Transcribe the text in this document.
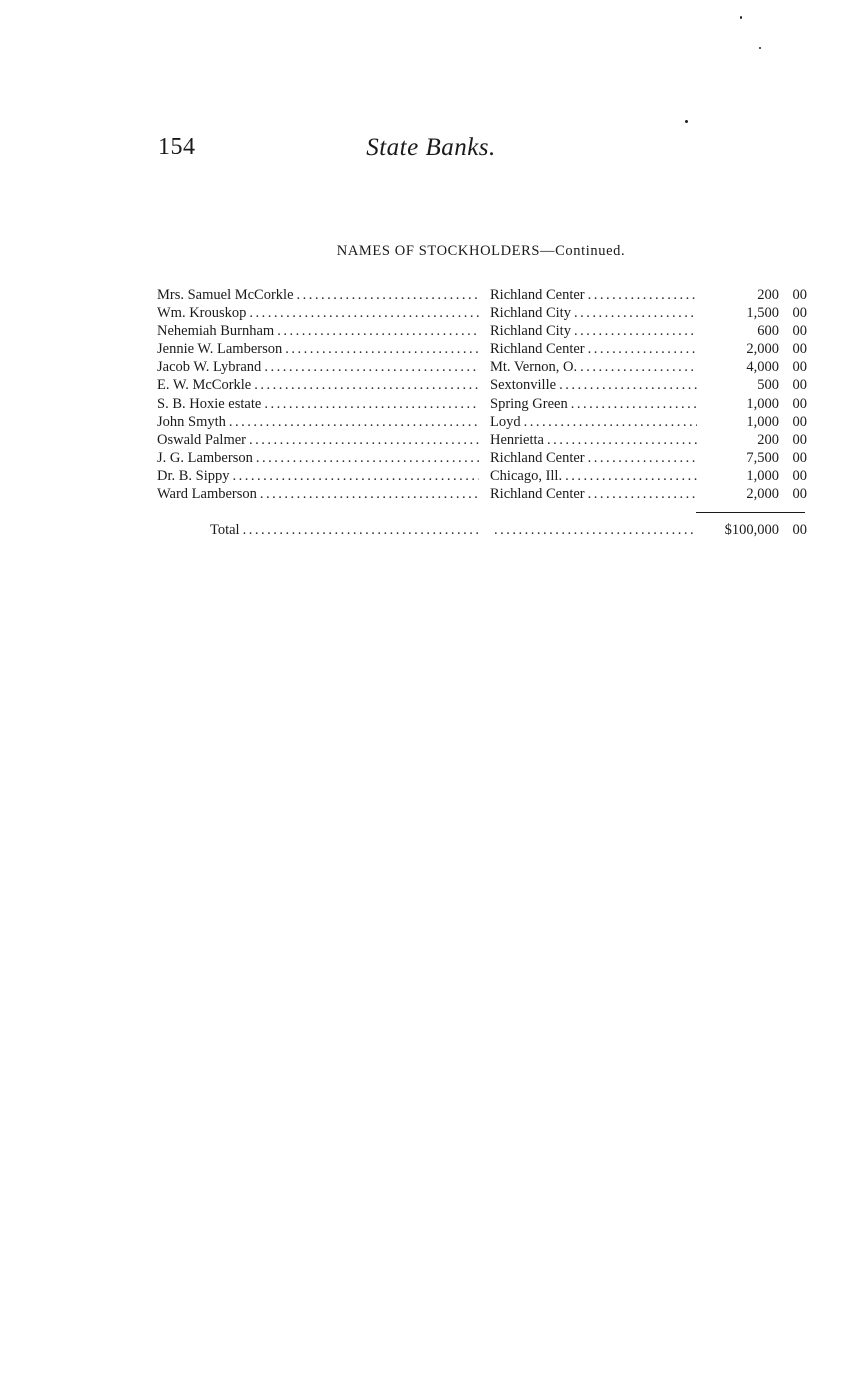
154	State Banks.
NAMES OF STOCKHOLDERS—Continued.
Mrs. Samuel McCorkle .....	Richland Center .....	200 00
Wm. Krouskop .....	Richland City .....	1,500 00
Nehemiah Burnham .....	Richland City .....	600 00
Jennie W. Lamberson .....	Richland Center .....	2,000 00
Jacob W. Lybrand .....	Mt. Vernon, O. .....	4,000 00
E. W. McCorkle .....	Sextonville .....	500 00
S. B. Hoxie estate .....	Spring Green .....	1,000 00
John Smyth .....	Loyd .....	1,000 00
Oswald Palmer .....	Henrietta .....	200 00
J. G. Lamberson .....	Richland Center .....	7,500 00
Dr. B. Sippy .....	Chicago, Ill. .....	1,000 00
Ward Lamberson .....	Richland Center .....	2,000 00
Total ..... .....	$100,000 00
